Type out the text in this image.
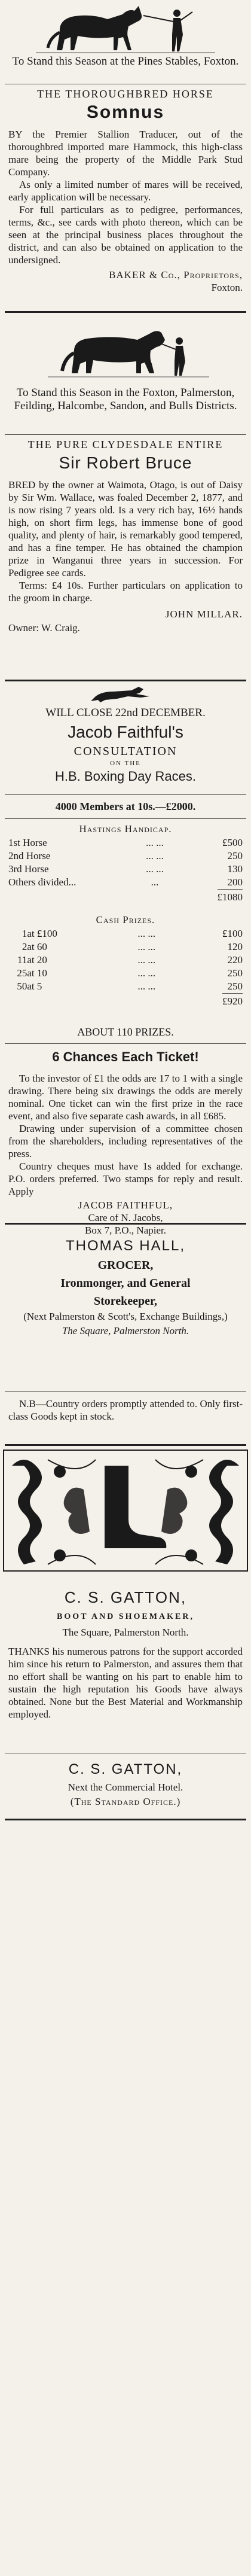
To Stand this Season at the Pines Stables, Foxton.

THE THOROUGHBRED HORSE

Somnus

BY the Premier Stallion Traducer, out of the thoroughbred imported mare Hammock, this high-class mare being the property of the Middle Park Stud Company.

As only a limited number of mares will be received, early application will be necessary.

For full particulars as to pedigree, performances, terms, &c., see cards with photo thereon, which can be seen at the principal business places throughout the district, and can also be obtained on application to the undersigned.

BAKER & Co., Proprietors,

Foxton.

To Stand this Season in the Foxton, Palmerston, Feilding, Halcombe, Sandon, and Bulls Districts.

THE PURE CLYDESDALE ENTIRE

Sir Robert Bruce

BRED by the owner at Waimota, Otago, is out of Daisy by Sir Wm. Wallace, was foaled December 2, 1877, and is now rising 7 years old. Is a very rich bay, 16½ hands high, on short firm legs, has immense bone of good quality, and plenty of hair, is remarkably good tempered, and has a fine temper. He has obtained the champion prize in Wanganui three years in succession. For Pedigree see cards.

Terms: £4 10s. Further particulars on application to the groom in charge.

JOHN MILLAR.

Owner: W. Craig.

WILL CLOSE 22nd DECEMBER.

Jacob Faithful's

CONSULTATION

ON THE

H.B. Boxing Day Races.

4000 Members at 10s.—£2000.

Hastings Handicap.

1st Horse	... ...	£500
2nd Horse	... ...	250
3rd Horse	... ...	130
Others divided...	...	200

£1080

Cash Prizes.

1	at £100	... ...	£100
2	at 60	... ...	120
11	at 20	... ...	220
25	at 10	... ...	250
50	at 5	... ...	250

£920

ABOUT 110 PRIZES.

6 Chances Each Ticket!

To the investor of £1 the odds are 17 to 1 with a single drawing. There being six drawings the odds are merely nominal. One ticket can win the first prize in the race event, and also five separate cash awards, in all £685.

Drawing under supervision of a committee chosen from the shareholders, including representatives of the press.

Country cheques must have 1s added for exchange. P.O. orders preferred. Two stamps for reply and result. Apply

JACOB FAITHFUL,

Care of N. Jacobs,

Box 7, P.O., Napier.

THOMAS HALL,

GROCER,

Ironmonger, and General

Storekeeper,

(Next Palmerston & Scott's, Exchange Buildings,)

The Square, Palmerston North.

N.B—Country orders promptly attended to. Only first-class Goods kept in stock.

C. S. GATTON,

BOOT AND SHOEMAKER,

The Square, Palmerston North.

THANKS his numerous patrons for the support accorded him since his return to Palmerston, and assures them that no effort shall be wanting on his part to enable him to sustain the high reputation his Goods have always obtained. None but the Best Material and Workmanship employed.

C. S. GATTON,

Next the Commercial Hotel.

(The Standard Office.)
